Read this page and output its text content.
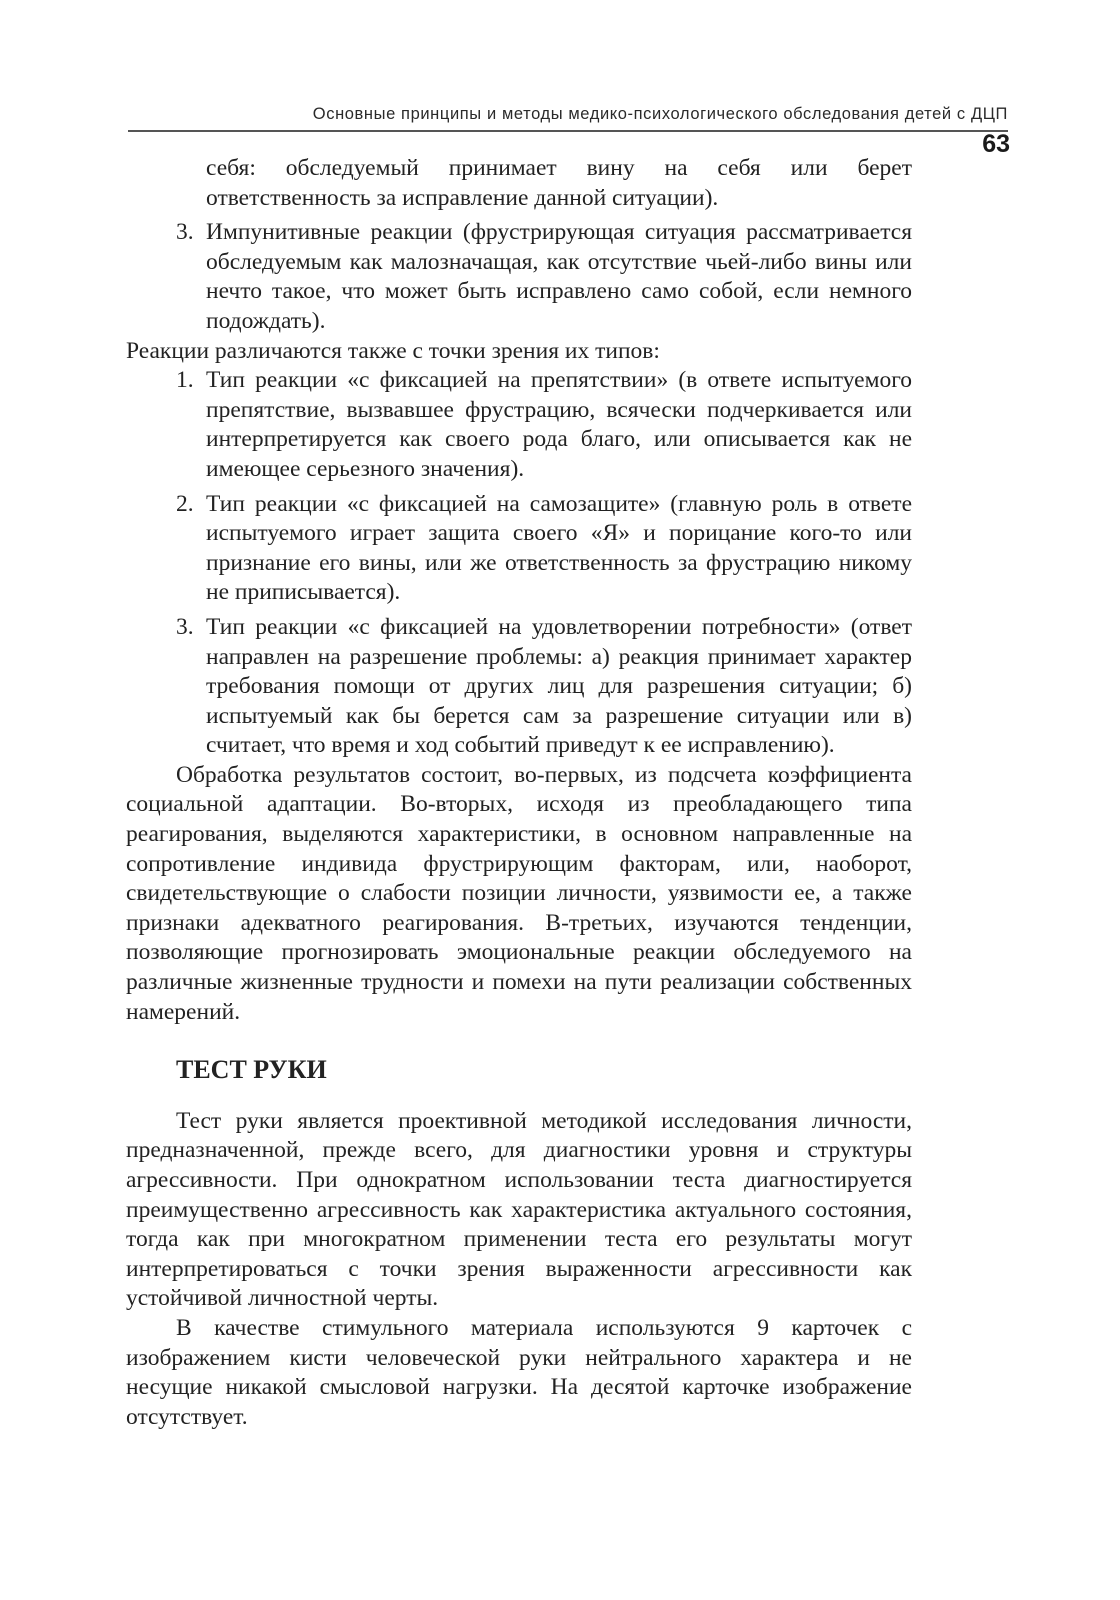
Основные принципы и методы медико-психологического обследования детей с ДЦП
63

себя: обследуемый принимает вину на себя или берет ответственность за исправление данной ситуации).

3. Импунитивные реакции (фрустрирующая ситуация рассматривается обследуемым как малозначащая, как отсутствие чьей-либо вины или нечто такое, что может быть исправлено само собой, если немного подождать).

Реакции различаются также с точки зрения их типов:

1. Тип реакции «с фиксацией на препятствии» (в ответе испытуемого препятствие, вызвавшее фрустрацию, всячески подчеркивается или интерпретируется как своего рода благо, или описывается как не имеющее серьезного значения).

2. Тип реакции «с фиксацией на самозащите» (главную роль в ответе испытуемого играет защита своего «Я» и порицание кого-то или признание его вины, или же ответственность за фрустрацию никому не приписывается).

3. Тип реакции «с фиксацией на удовлетворении потребности» (ответ направлен на разрешение проблемы: а) реакция принимает характер требования помощи от других лиц для разрешения ситуации; б) испытуемый как бы берется сам за разрешение ситуации или в) считает, что время и ход событий приведут к ее исправлению).

Обработка результатов состоит, во-первых, из подсчета коэффициента социальной адаптации. Во-вторых, исходя из преобладающего типа реагирования, выделяются характеристики, в основном направленные на сопротивление индивида фрустрирующим факторам, или, наоборот, свидетельствующие о слабости позиции личности, уязвимости ее, а также признаки адекватного реагирования. В-третьих, изучаются тенденции, позволяющие прогнозировать эмоциональные реакции обследуемого на различные жизненные трудности и помехи на пути реализации собственных намерений.

ТЕСТ РУКИ

Тест руки является проективной методикой исследования личности, предназначенной, прежде всего, для диагностики уровня и структуры агрессивности. При однократном использовании теста диагностируется преимущественно агрессивность как характеристика актуального состояния, тогда как при многократном применении теста его результаты могут интерпретироваться с точки зрения выраженности агрессивности как устойчивой личностной черты.

В качестве стимульного материала используются 9 карточек с изображением кисти человеческой руки нейтрального характера и не несущие никакой смысловой нагрузки. На десятой карточке изображение отсутствует.
